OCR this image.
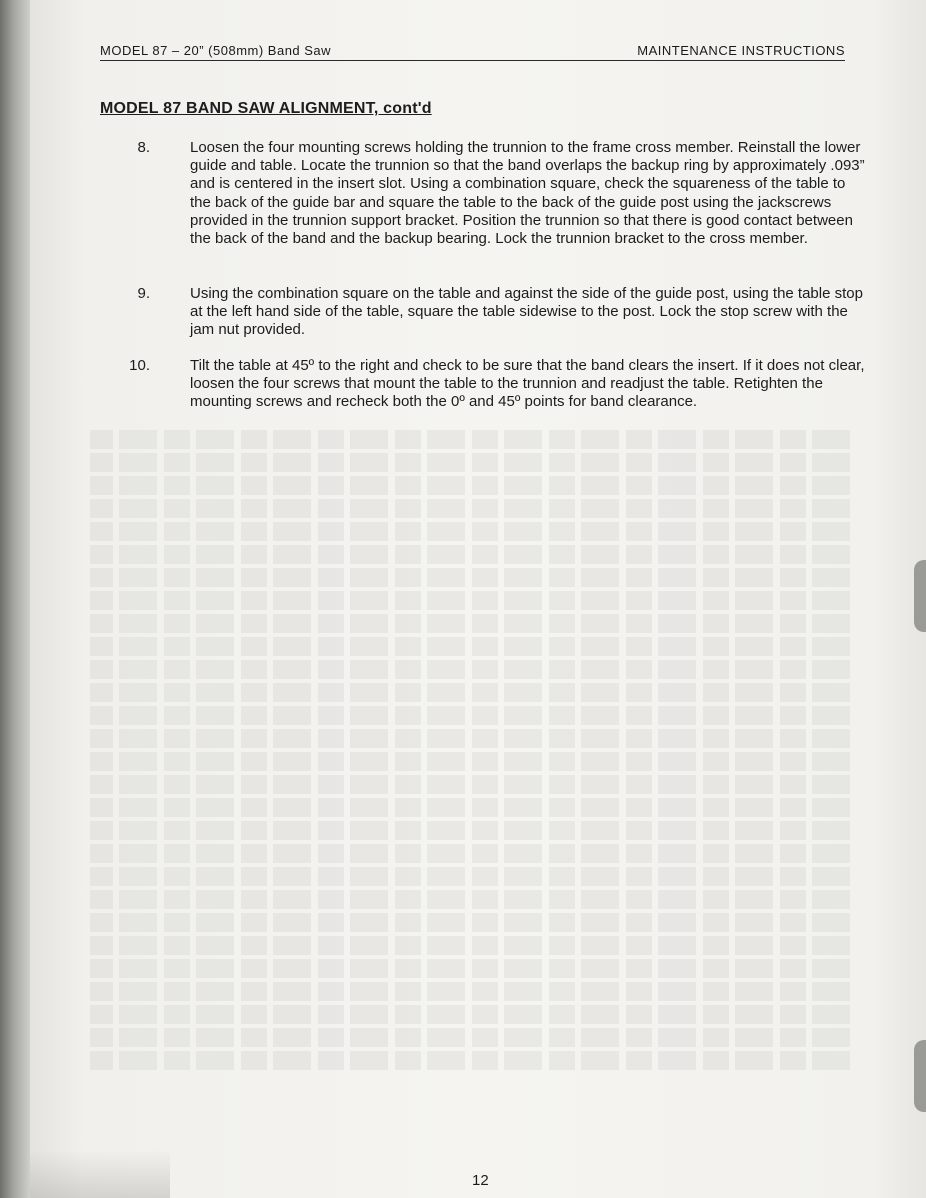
MODEL 87 – 20” (508mm) Band Saw	MAINTENANCE INSTRUCTIONS
MODEL 87 BAND SAW ALIGNMENT, cont'd
8.	Loosen the four mounting screws holding the trunnion to the frame cross member. Reinstall the lower guide and table. Locate the trunnion so that the band overlaps the backup ring by approximately .093” and is centered in the insert slot. Using a combination square, check the squareness of the table to the back of the guide bar and square the table to the back of the guide post using the jackscrews provided in the trunnion support bracket. Position the trunnion so that there is good contact between the back of the band and the backup bearing. Lock the trunnion bracket to the cross member.
9.	Using the combination square on the table and against the side of the guide post, using the table stop at the left hand side of the table, square the table sidewise to the post. Lock the stop screw with the jam nut provided.
10.	Tilt the table at 45º to the right and check to be sure that the band clears the insert. If it does not clear, loosen the four screws that mount the table to the trunnion and readjust the table. Retighten the mounting screws and recheck both the 0º and 45º points for band clearance.
12
